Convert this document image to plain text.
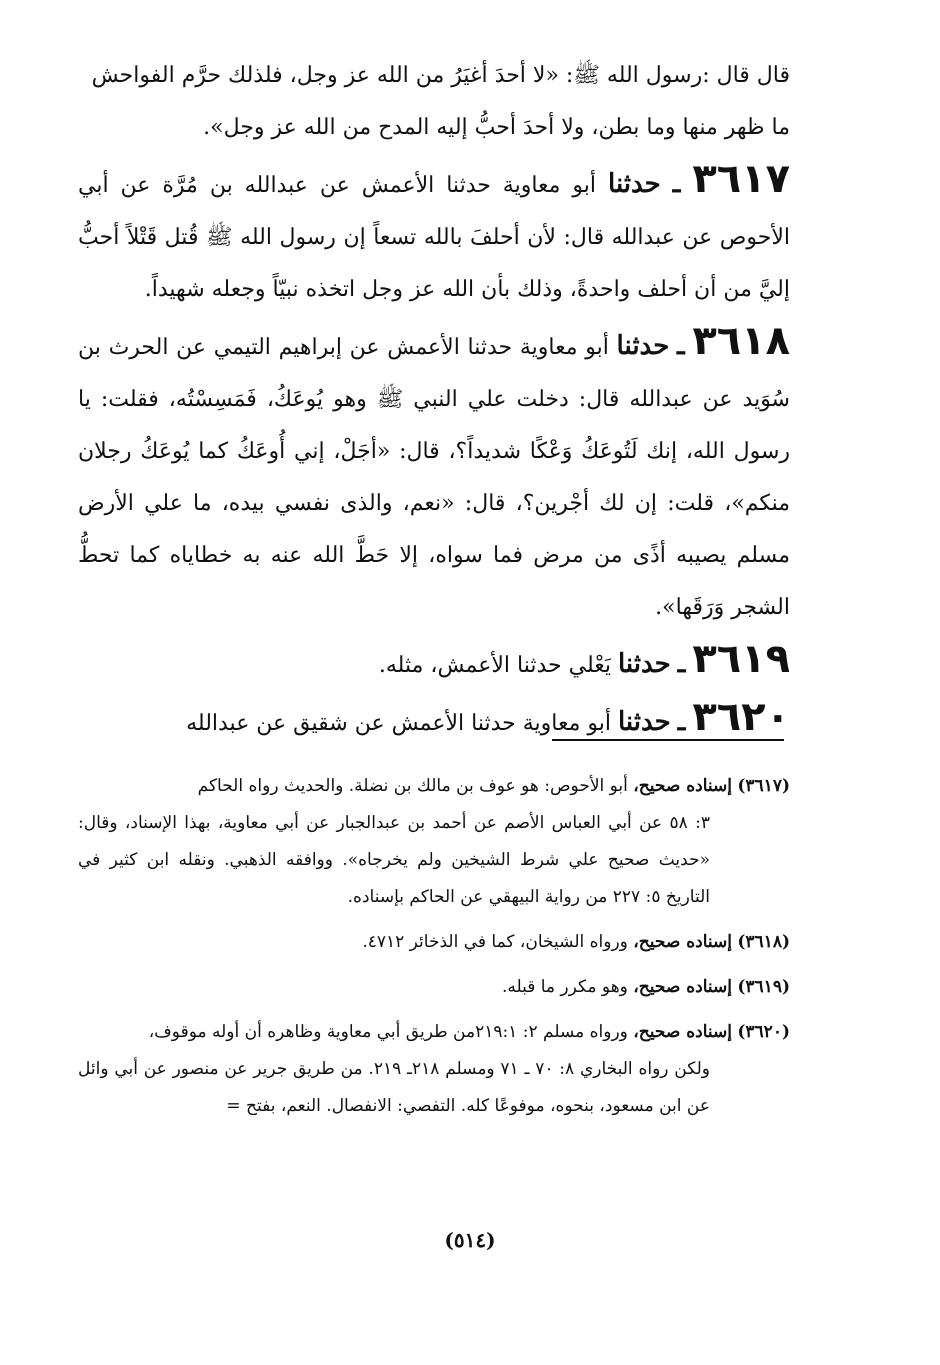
قال قال :رسول الله ﷺ: «لا أحدَ أغيَرُ من الله عز وجل، فلذلك حرَّم الفواحش
ما ظهر منها وما بطن، ولا أحدَ أحبُّ إليه المدح من الله عز وجل».

٣٦١٧ ـ حدثنا أبو معاوية حدثنا الأعمش عن عبدالله بن مُرَّة عن أبي الأحوص عن عبدالله قال: لأن أحلفَ بالله تسعاً إن رسول الله ﷺ قُتل قَتْلاً أحبُّ إليَّ من أن أحلف واحدةً، وذلك بأن الله عز وجل اتخذه نبيّاً وجعله شهيداً.

٣٦١٨ ـ حدثنا أبو معاوية حدثنا الأعمش عن إبراهيم التيمي عن الحرث بن سُوَيد عن عبدالله قال: دخلت علي النبي ﷺ وهو يُوعَكُ، فَمَسِسْتُه، فقلت: يا رسول الله، إنك لَتُوعَكُ وَعْكًا شديداً؟، قال: «أجَلْ، إني أُوعَكُ كما يُوعَكُ رجلان منكم»، قلت: إن لك أجْرين؟، قال: «نعم، والذى نفسي بيده، ما علي الأرض مسلم يصيبه أذًى من مرض فما سواه، إلا حَطَّ الله عنه به خطاياه كما تحطُّ الشجر وَرَقَها».

٣٦١٩ ـ حدثنا يَعْلي حدثنا الأعمش، مثله.

٣٦٢٠ ـ حدثنا أبو معاوية حدثنا الأعمش عن شقيق عن عبدالله

(٣٦١٧) إسناده صحيح، أبو الأحوص: هو عوف بن مالك بن نضلة. والحديث رواه الحاكم
٣: ٥٨ عن أبي العباس الأصم عن أحمد بن عبدالجبار عن أبي معاوية، بهذا الإسناد، وقال: «حديث صحيح علي شرط الشيخين ولم يخرجاه». ووافقه الذهبي. ونقله ابن كثير في التاريخ ٥: ٢٢٧ من رواية البيهقي عن الحاكم بإسناده.

(٣٦١٨) إسناده صحيح، ورواه الشيخان، كما في الذخائر ٤٧١٢.

(٣٦١٩) إسناده صحيح، وهو مكرر ما قبله.

(٣٦٢٠) إسناده صحيح، ورواه مسلم ٢: ٢١٩:١من طريق أبي معاوية وظاهره أن أوله موقوف،
ولكن رواه البخاري ٨: ٧٠ ـ ٧١ ومسلم ٢١٨ـ ٢١٩. من طريق جرير عن منصور عن أبي وائل عن ابن مسعود، بنحوه، موفوعًا كله. التفصي: الانفصال. النعم، بفتح =

(٥١٤)
